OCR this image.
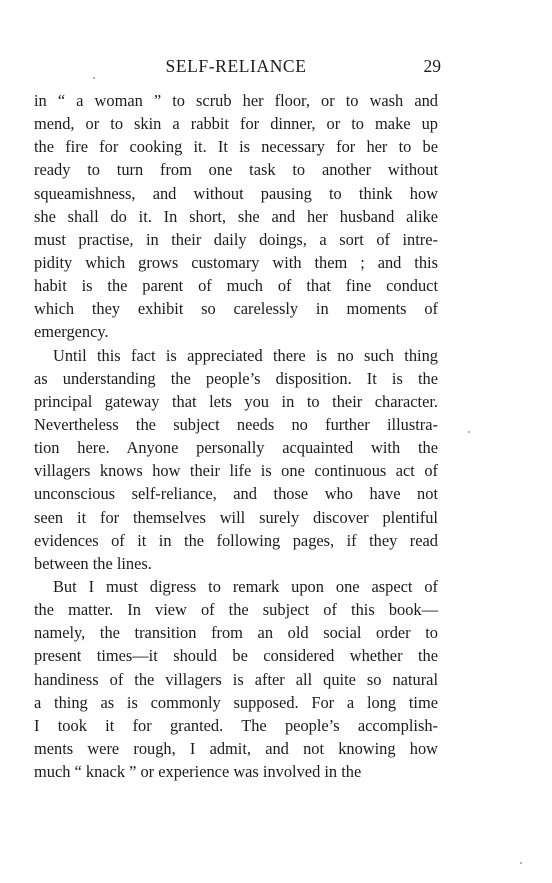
SELF-RELIANCE	29
in “ a woman ” to scrub her floor, or to wash and
mend, or to skin a rabbit for dinner, or to make up
the fire for cooking it. It is necessary for her to be
ready to turn from one task to another without
squeamishness, and without pausing to think how
she shall do it. In short, she and her husband alike
must practise, in their daily doings, a sort of intre-
pidity which grows customary with them ; and this
habit is the parent of much of that fine conduct
which they exhibit so carelessly in moments of
emergency.
Until this fact is appreciated there is no such thing
as understanding the people’s disposition. It is the
principal gateway that lets you in to their character.
Nevertheless the subject needs no further illustra-
tion here. Anyone personally acquainted with the
villagers knows how their life is one continuous act of
unconscious self-reliance, and those who have not
seen it for themselves will surely discover plentiful
evidences of it in the following pages, if they read
between the lines.
But I must digress to remark upon one aspect of
the matter. In view of the subject of this book—
namely, the transition from an old social order to
present times—it should be considered whether the
handiness of the villagers is after all quite so natural
a thing as is commonly supposed. For a long time
I took it for granted. The people’s accomplish-
ments were rough, I admit, and not knowing how
much “ knack ” or experience was involved in the
